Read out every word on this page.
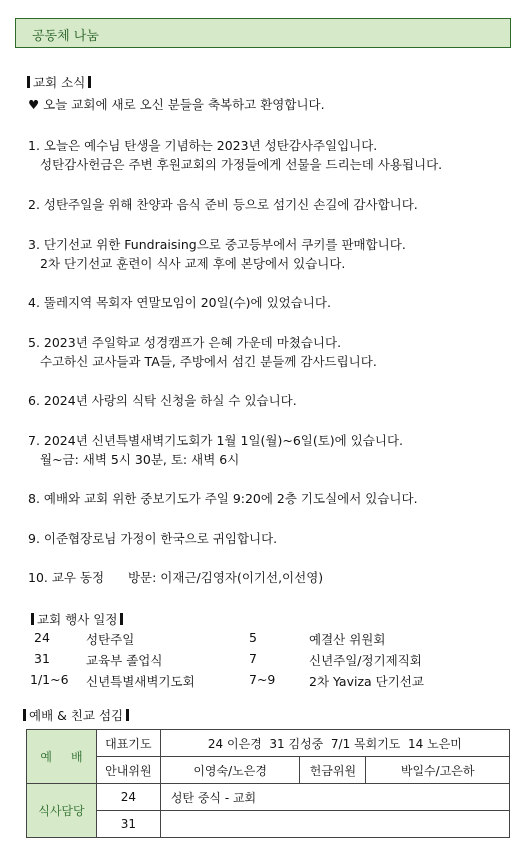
공동체 나눔
교회 소식
♥ 오늘 교회에 새로 오신 분들을 축복하고 환영합니다.
1. 오늘은 예수님 탄생을 기념하는 2023년 성탄감사주일입니다.
성탄감사헌금은 주변 후원교회의 가정들에게 선물을 드리는데 사용됩니다.
2. 성탄주일을 위해 찬양과 음식 준비 등으로 섬기신 손길에 감사합니다.
3. 단기선교 위한 Fundraising으로 중고등부에서 쿠키를 판매합니다.
2차 단기선교 훈련이 식사 교제 후에 본당에서 있습니다.
4. 뚤레지역 목회자 연말모임이 20일(수)에 있었습니다.
5. 2023년 주일학교 성경캠프가 은혜 가운데 마쳤습니다.
수고하신 교사들과 TA들, 주방에서 섬긴 분들께 감사드립니다.
6. 2024년 사랑의 식탁 신청을 하실 수 있습니다.
7. 2024년 신년특별새벽기도회가 1월 1일(월)~6일(토)에 있습니다.
월~금: 새벽 5시 30분, 토: 새벽 6시
8. 예배와 교회 위한 중보기도가 주일 9:20에 2층 기도실에서 있습니다.
9. 이준협장로님 가정이 한국으로 귀임합니다.
10. 교우 동정      방문: 이재근/김영자(이기선,이선영)
교회 행사 일정
24	성탄주일	5	예결산 위원회
31	교육부 졸업식	7	신년주일/정기제직회
1/1~6 신년특별새벽기도회	7~9	2차 Yaviza 단기선교
예배 & 친교 섬김
예     배	대표기도	24 이은경  31 김성중  7/1 목회기도  14 노은미		
	안내위원	이영숙/노은경	헌금위원	박일수/고은하
식사담당	24	성탄 중식 - 교회		
	31			
